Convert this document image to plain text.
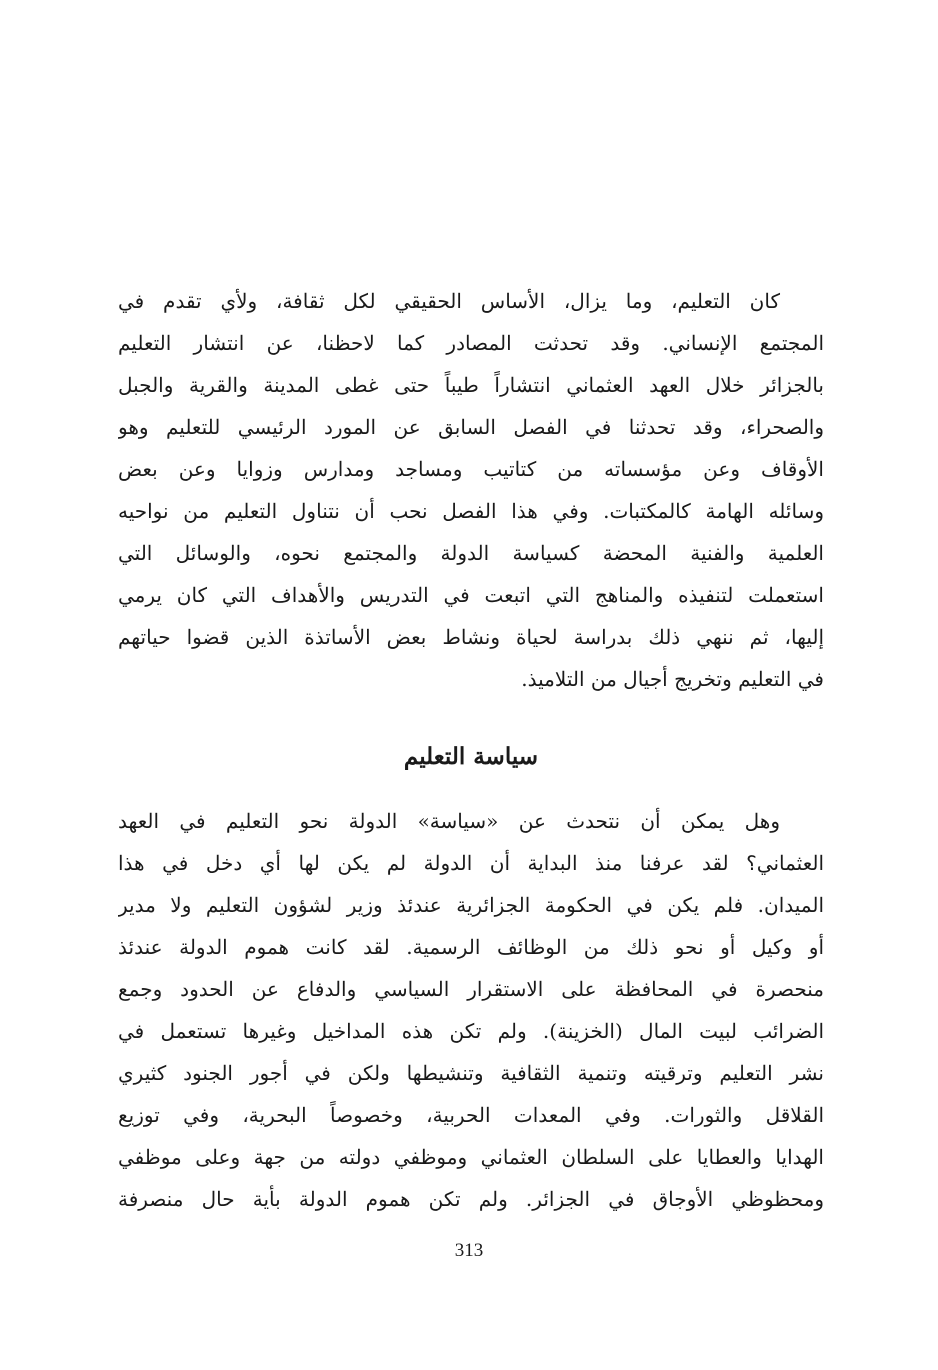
كان التعليم، وما يزال، الأساس الحقيقي لكل ثقافة، ولأي تقدم في
المجتمع الإنساني. وقد تحدثت المصادر كما لاحظنا، عن انتشار التعليم
بالجزائر خلال العهد العثماني انتشاراً طيباً حتى غطى المدينة والقرية والجبل
والصحراء، وقد تحدثنا في الفصل السابق عن المورد الرئيسي للتعليم وهو
الأوقاف وعن مؤسساته من كتاتيب ومساجد ومدارس وزوايا وعن بعض
وسائله الهامة كالمكتبات. وفي هذا الفصل نحب أن نتناول التعليم من نواحيه
العلمية والفنية المحضة كسياسة الدولة والمجتمع نحوه، والوسائل التي
استعملت لتنفيذه والمناهج التي اتبعت في التدريس والأهداف التي كان يرمي
إليها، ثم ننهي ذلك بدراسة لحياة ونشاط بعض الأساتذة الذين قضوا حياتهم
في التعليم وتخريج أجيال من التلاميذ.
سياسة التعليم
وهل يمكن أن نتحدث عن «سياسة» الدولة نحو التعليم في العهد
العثماني؟ لقد عرفنا منذ البداية أن الدولة لم يكن لها أي دخل في هذا
الميدان. فلم يكن في الحكومة الجزائرية عندئذ وزير لشؤون التعليم ولا مدير
أو وكيل أو نحو ذلك من الوظائف الرسمية. لقد كانت هموم الدولة عندئذ
منحصرة في المحافظة على الاستقرار السياسي والدفاع عن الحدود وجمع
الضرائب لبيت المال (الخزينة). ولم تكن هذه المداخيل وغيرها تستعمل في
نشر التعليم وترقيته وتنمية الثقافية وتنشيطها ولكن في أجور الجنود كثيري
القلاقل والثورات. وفي المعدات الحربية، وخصوصاً البحرية، وفي توزيع
الهدايا والعطايا على السلطان العثماني وموظفي دولته من جهة وعلى موظفي
ومحظوظي الأوجاق في الجزائر. ولم تكن هموم الدولة بأية حال منصرفة
313
